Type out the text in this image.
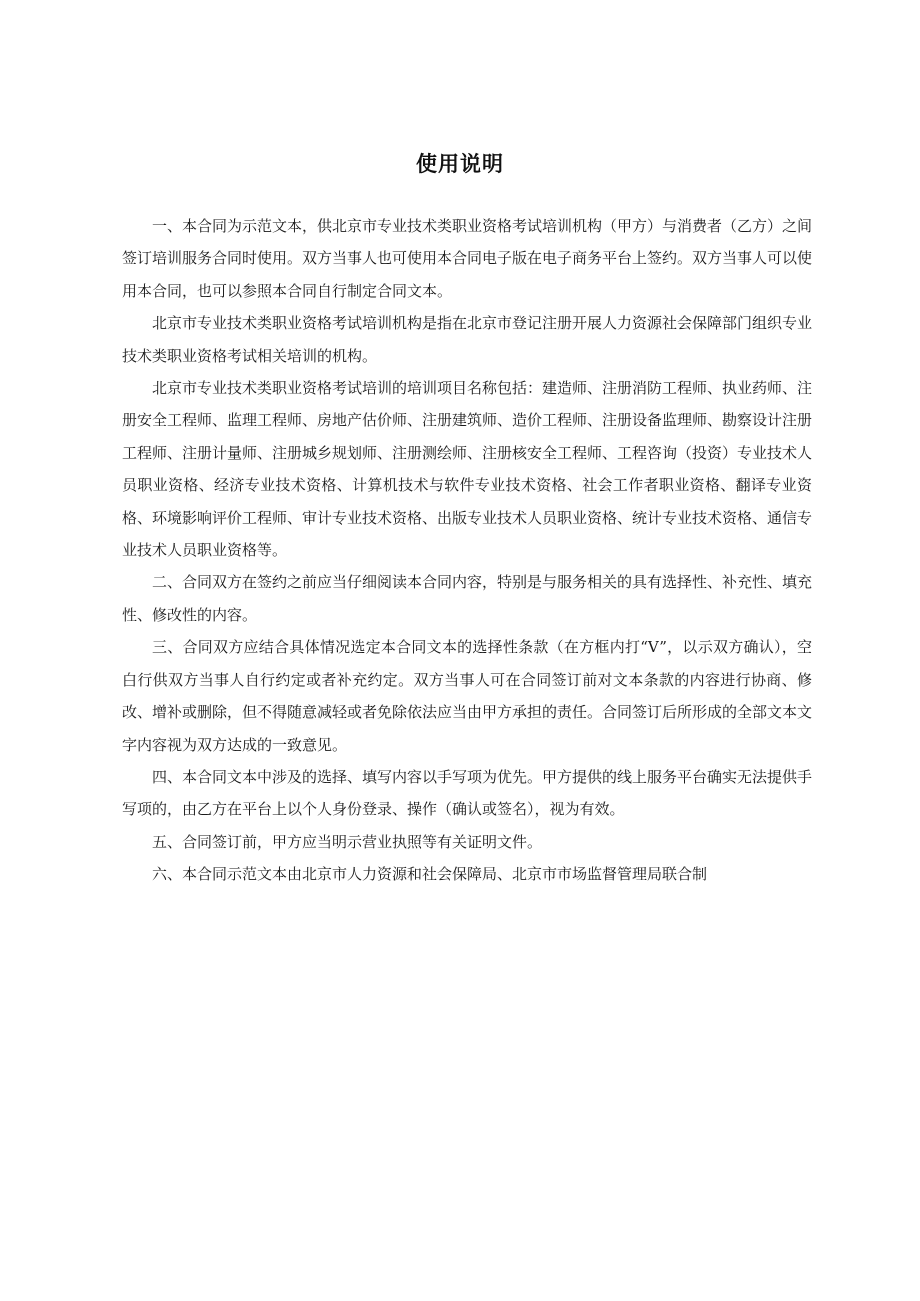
使用说明

一、本合同为示范文本，供北京市专业技术类职业资格考试培训机构（甲方）与消费者（乙方）之间签订培训服务合同时使用。双方当事人也可使用本合同电子版在电子商务平台上签约。双方当事人可以使用本合同，也可以参照本合同自行制定合同文本。

北京市专业技术类职业资格考试培训机构是指在北京市登记注册开展人力资源社会保障部门组织专业技术类职业资格考试相关培训的机构。

北京市专业技术类职业资格考试培训的培训项目名称包括：建造师、注册消防工程师、执业药师、注册安全工程师、监理工程师、房地产估价师、注册建筑师、造价工程师、注册设备监理师、勘察设计注册工程师、注册计量师、注册城乡规划师、注册测绘师、注册核安全工程师、工程咨询（投资）专业技术人员职业资格、经济专业技术资格、计算机技术与软件专业技术资格、社会工作者职业资格、翻译专业资格、环境影响评价工程师、审计专业技术资格、出版专业技术人员职业资格、统计专业技术资格、通信专业技术人员职业资格等。

二、合同双方在签约之前应当仔细阅读本合同内容，特别是与服务相关的具有选择性、补充性、填充性、修改性的内容。

三、合同双方应结合具体情况选定本合同文本的选择性条款（在方框内打“V”，以示双方确认），空白行供双方当事人自行约定或者补充约定。双方当事人可在合同签订前对文本条款的内容进行协商、修改、增补或删除，但不得随意减轻或者免除依法应当由甲方承担的责任。合同签订后所形成的全部文本文字内容视为双方达成的一致意见。

四、本合同文本中涉及的选择、填写内容以手写项为优先。甲方提供的线上服务平台确实无法提供手写项的，由乙方在平台上以个人身份登录、操作（确认或签名），视为有效。

五、合同签订前，甲方应当明示营业执照等有关证明文件。

六、本合同示范文本由北京市人力资源和社会保障局、北京市市场监督管理局联合制
